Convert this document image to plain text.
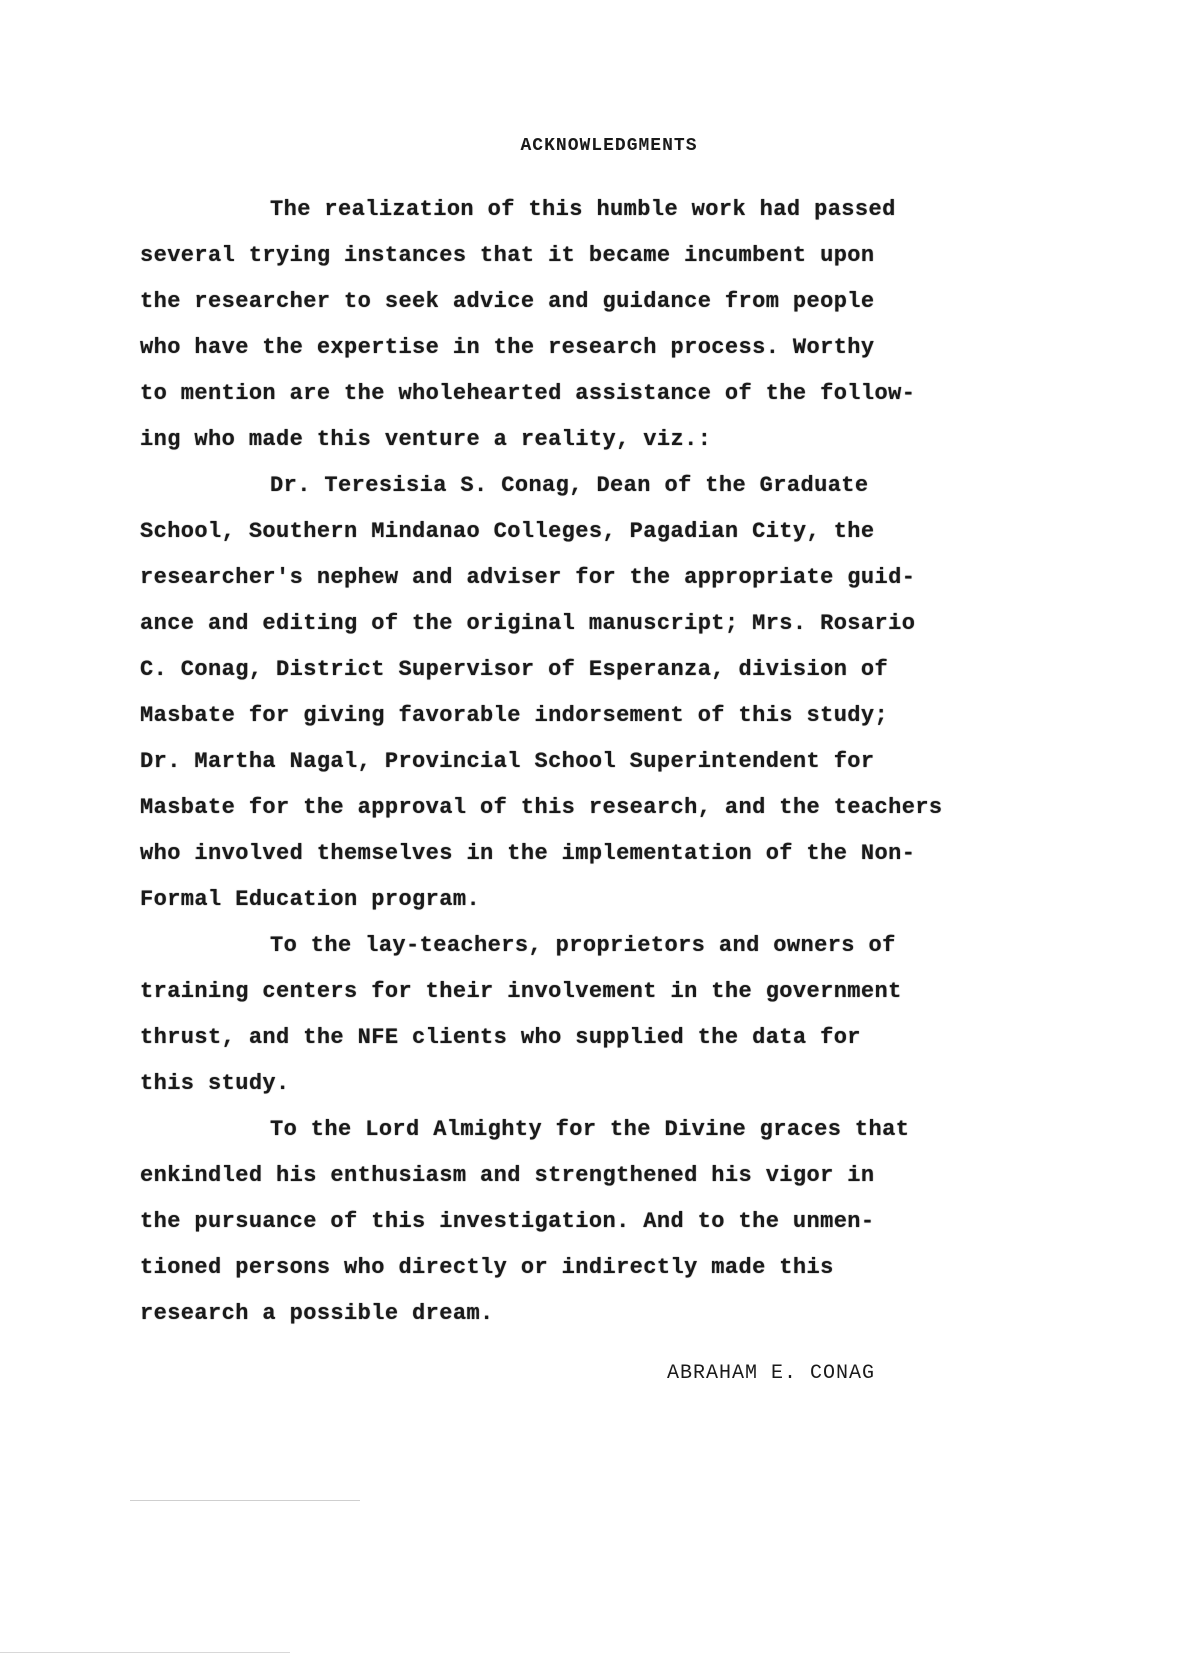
ACKNOWLEDGMENTS
The realization of this humble work had passed
several trying instances that it became incumbent upon
the researcher to seek advice and guidance from people
who have the expertise in the research process. Worthy
to mention are the wholehearted assistance of the follow-
ing who made this venture a reality, viz.:
Dr. Teresisia S. Conag, Dean of the Graduate
School, Southern Mindanao Colleges, Pagadian City, the
researcher's nephew and adviser for the appropriate guid-
ance and editing of the original manuscript; Mrs. Rosario
C. Conag, District Supervisor of Esperanza, division of
Masbate for giving favorable indorsement of this study;
Dr. Martha Nagal, Provincial School Superintendent for
Masbate for the approval of this research, and the teachers
who involved themselves in the implementation of the Non-
Formal Education program.
To the lay-teachers, proprietors and owners of
training centers for their involvement in the government
thrust, and the NFE clients who supplied the data for
this study.
To the Lord Almighty for the Divine graces that
enkindled his enthusiasm and strengthened his vigor in
the pursuance of this investigation. And to the unmen-
tioned persons who directly or indirectly made this
research a possible dream.
ABRAHAM E. CONAG
